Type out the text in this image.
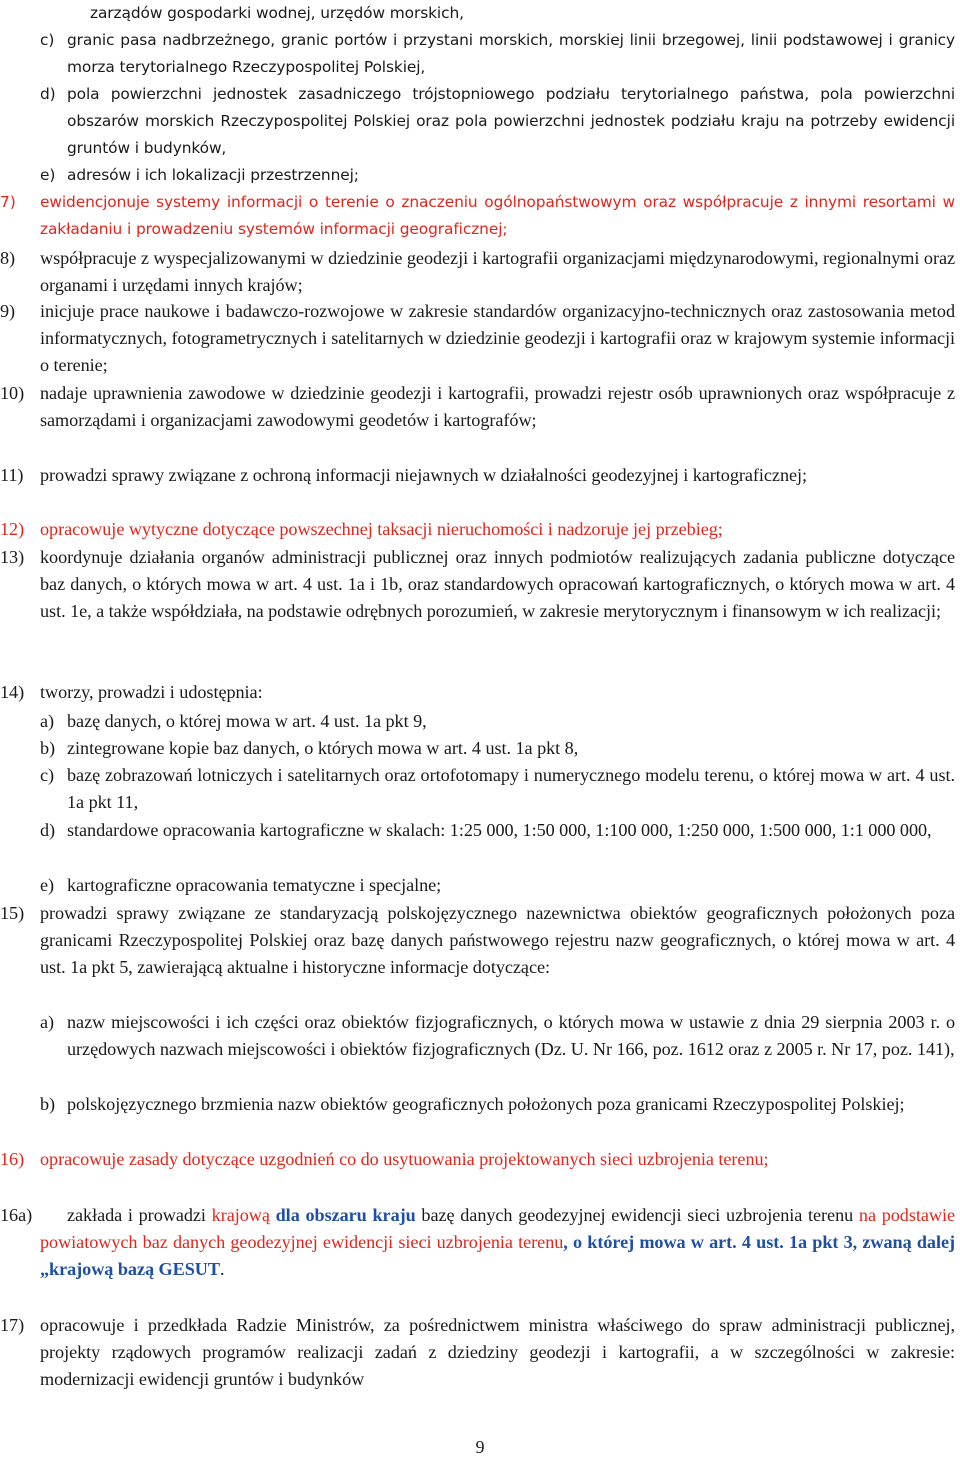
zarządów gospodarki wodnej, urzędów morskich,

c) granic pasa nadbrzeżnego, granic portów i przystani morskich, morskiej linii brzegowej, linii podstawowej i granicy morza terytorialnego Rzeczypospolitej Polskiej,

d) pola powierzchni jednostek zasadniczego trójstopniowego podziału terytorialnego państwa, pola powierzchni obszarów morskich Rzeczypospolitej Polskiej oraz pola powierzchni jednostek podziału kraju na potrzeby ewidencji gruntów i budynków,

e) adresów i ich lokalizacji przestrzennej;

7) ewidencjonuje systemy informacji o terenie o znaczeniu ogólnopaństwowym oraz współpracuje z innymi resortami w zakładaniu i prowadzeniu systemów informacji geograficznej;

8) współpracuje z wyspecjalizowanymi w dziedzinie geodezji i kartografii organizacjami międzynarodowymi, regionalnymi oraz organami i urzędami innych krajów;

9) inicjuje prace naukowe i badawczo-rozwojowe w zakresie standardów organizacyjno-technicznych oraz zastosowania metod informatycznych, fotogrametrycznych i satelitarnych w dziedzinie geodezji i kartografii oraz w krajowym systemie informacji o terenie;

10) nadaje uprawnienia zawodowe w dziedzinie geodezji i kartografii, prowadzi rejestr osób uprawnionych oraz współpracuje z samorządami i organizacjami zawodowymi geodetów i kartografów;

11) prowadzi sprawy związane z ochroną informacji niejawnych w działalności geodezyjnej i kartograficznej;

12) opracowuje wytyczne dotyczące powszechnej taksacji nieruchomości i nadzoruje jej przebieg;

13) koordynuje działania organów administracji publicznej oraz innych podmiotów realizujących zadania publiczne dotyczące baz danych, o których mowa w art. 4 ust. 1a i 1b, oraz standardowych opracowań kartograficznych, o których mowa w art. 4 ust. 1e, a także współdziała, na podstawie odrębnych porozumień, w zakresie merytorycznym i finansowym w ich realizacji;

14) tworzy, prowadzi i udostępnia:

a) bazę danych, o której mowa w art. 4 ust. 1a pkt 9,

b) zintegrowane kopie baz danych, o których mowa w art. 4 ust. 1a pkt 8,

c) bazę zobrazowań lotniczych i satelitarnych oraz ortofotomapy i numerycznego modelu terenu, o której mowa w art. 4 ust. 1a pkt 11,

d) standardowe opracowania kartograficzne w skalach: 1:25 000, 1:50 000, 1:100 000, 1:250 000, 1:500 000, 1:1 000 000,

e) kartograficzne opracowania tematyczne i specjalne;

15) prowadzi sprawy związane ze standaryzacją polskojęzycznego nazewnictwa obiektów geograficznych położonych poza granicami Rzeczypospolitej Polskiej oraz bazę danych państwowego rejestru nazw geograficznych, o której mowa w art. 4 ust. 1a pkt 5, zawierającą aktualne i historyczne informacje dotyczące:

a) nazw miejscowości i ich części oraz obiektów fizjograficznych, o których mowa w ustawie z dnia 29 sierpnia 2003 r. o urzędowych nazwach miejscowości i obiektów fizjograficznych (Dz. U. Nr 166, poz. 1612 oraz z 2005 r. Nr 17, poz. 141),

b) polskojęzycznego brzmienia nazw obiektów geograficznych położonych poza granicami Rzeczypospolitej Polskiej;

16) opracowuje zasady dotyczące uzgodnień co do usytuowania projektowanych sieci uzbrojenia terenu;

16a)	zakłada i prowadzi krajową dla obszaru kraju bazę danych geodezyjnej ewidencji sieci uzbrojenia terenu na podstawie powiatowych baz danych geodezyjnej ewidencji sieci uzbrojenia terenu, o której mowa w art. 4 ust. 1a pkt 3, zwaną dalej „krajową bazą GESUT.

17) opracowuje i przedkłada Radzie Ministrów, za pośrednictwem ministra właściwego do spraw administracji publicznej, projekty rządowych programów realizacji zadań z dziedziny geodezji i kartografii, a w szczególności w zakresie: modernizacji ewidencji gruntów i budynków

9
